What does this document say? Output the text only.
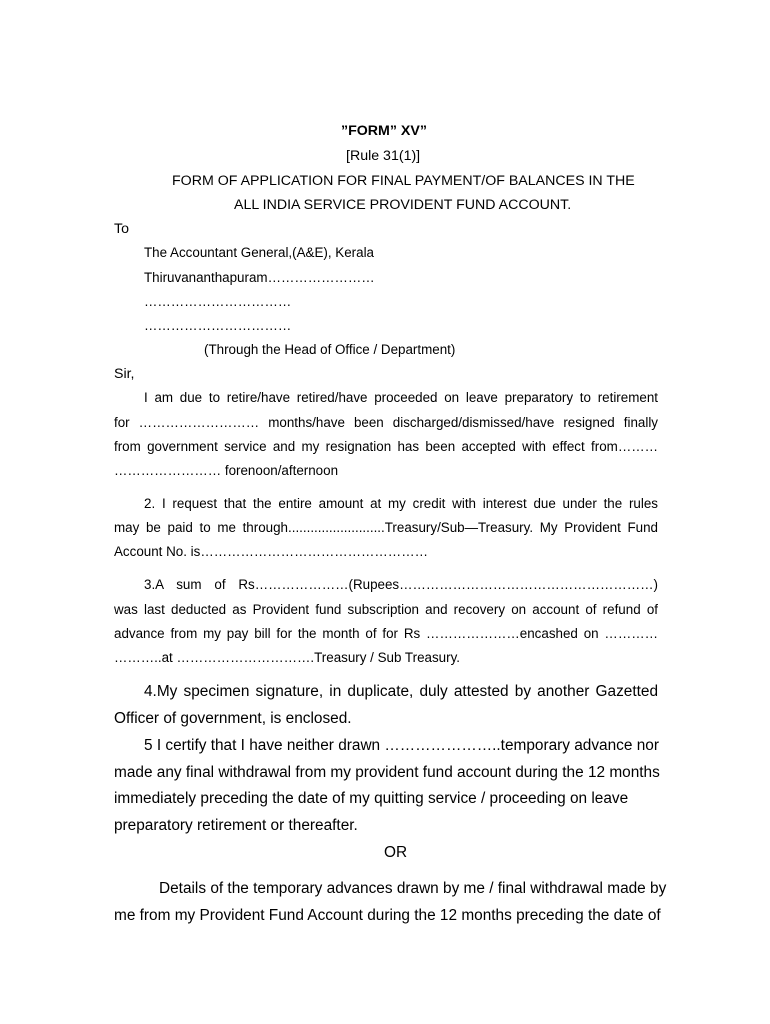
”FORM” XV”
[Rule 31(1)]
FORM OF APPLICATION FOR FINAL PAYMENT/OF BALANCES IN THE
ALL INDIA SERVICE PROVIDENT FUND ACCOUNT.
To
The Accountant General,(A&E), Kerala
Thiruvananthapuram……………………
……………………………
……………………………
(Through the Head of Office / Department)
Sir,
I am due to retire/have retired/have proceeded on leave preparatory to retirement
for ……………………… months/have been discharged/dismissed/have resigned finally
from government service and my resignation has been accepted with effect from………
…………………… forenoon/afternoon
2. I request that the entire amount at my credit with interest due under the rules
may be paid to me through..........................Treasury/Sub—Treasury. My Provident Fund
Account No. is……………………………………………
3.A sum of Rs…………………(Rupees…………………………………………………)
was last deducted as Provident fund subscription and recovery on account of refund of
advance from my pay bill for the month of for Rs …………………encashed on …………
………..at ………………………….Treasury / Sub Treasury.
4.My specimen signature, in duplicate, duly attested by another Gazetted
Officer of government, is enclosed.
5 I certify that I have neither drawn …………………..temporary advance nor
made any final withdrawal from my provident fund account during the 12 months
immediately preceding the date of my quitting service / proceeding on leave
preparatory retirement or thereafter.
OR
Details of the temporary advances drawn by me / final withdrawal made by
me from my Provident Fund Account during the 12 months preceding the date of
